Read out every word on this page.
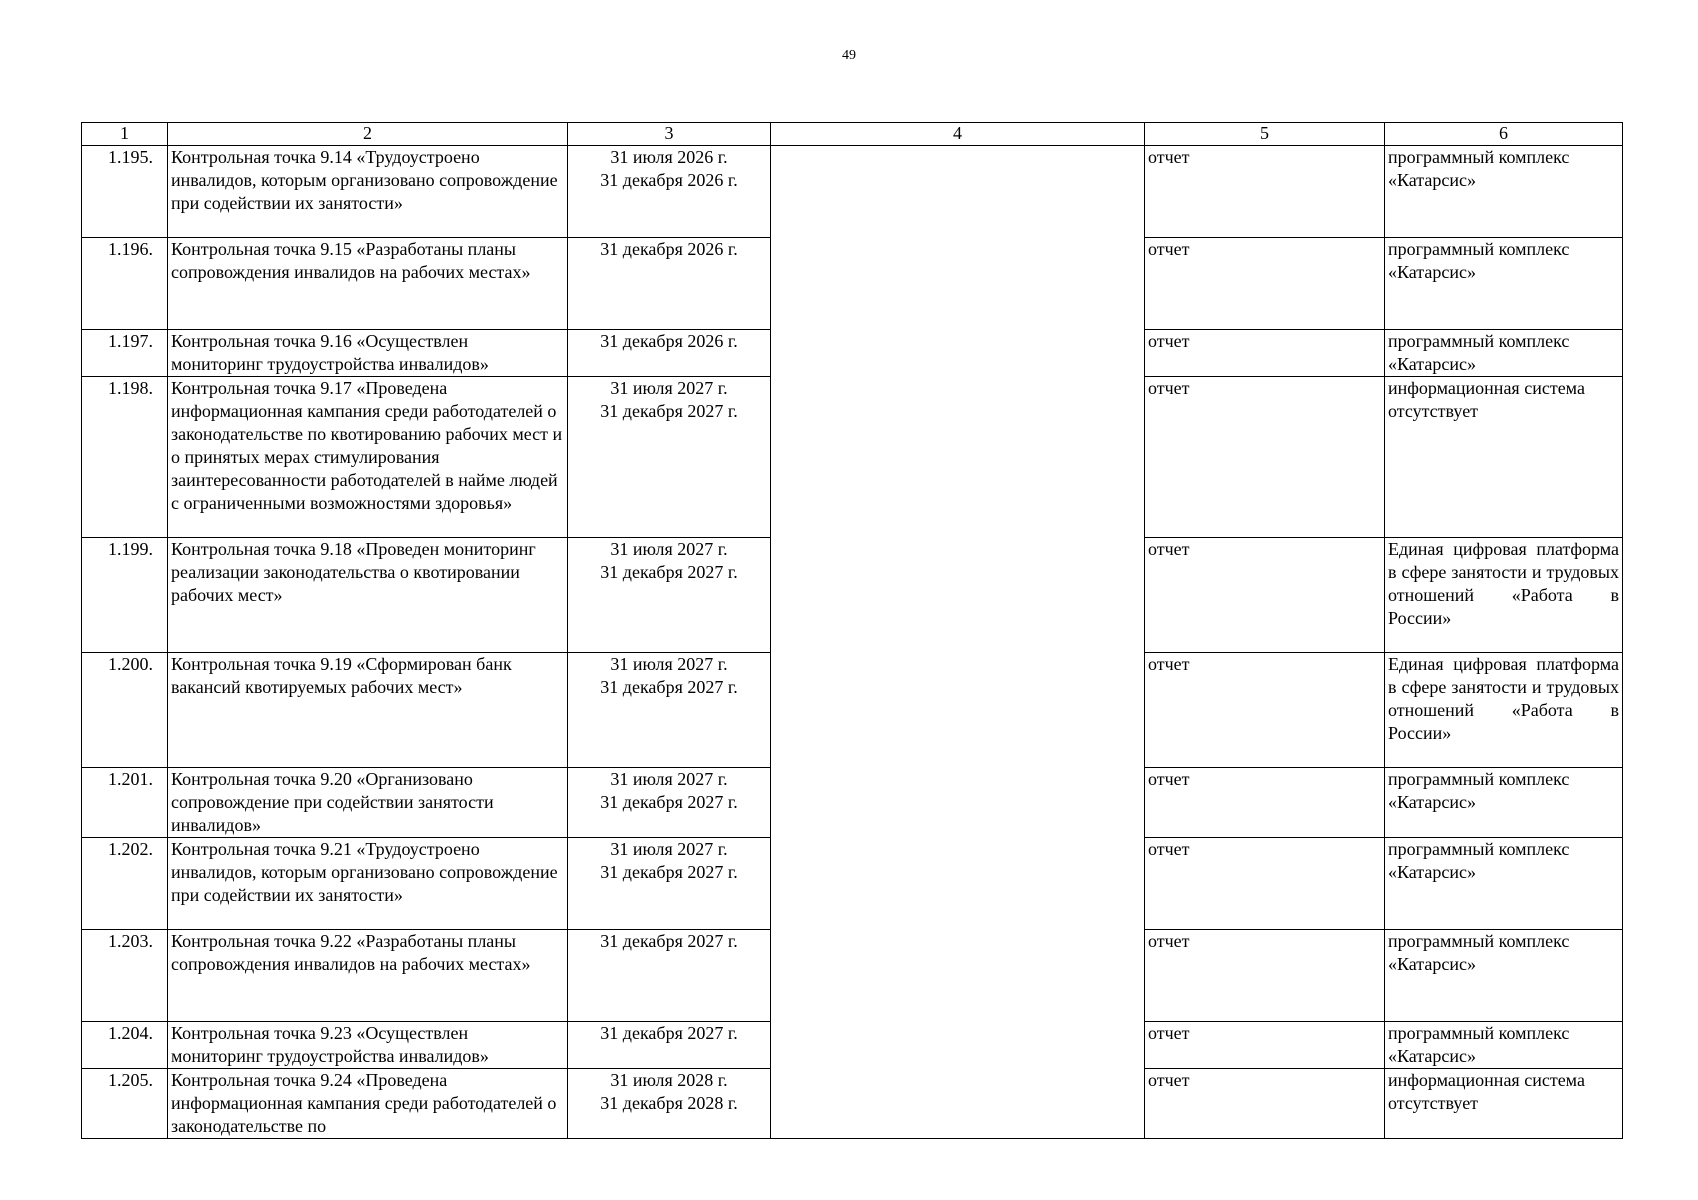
49
1	2	3	4	5	6
1.195.	Контрольная точка 9.14 «Трудоустроено инвалидов, которым организовано сопровождение при содействии их занятости»	31 июля 2026 г.
31 декабря 2026 г.		отчет	программный комплекс «Катарсис»
1.196.	Контрольная точка 9.15 «Разработаны планы сопровождения инвалидов на рабочих местах»	31 декабря 2026 г.		отчет	программный комплекс «Катарсис»
1.197.	Контрольная точка 9.16 «Осуществлен мониторинг трудоустройства инвалидов»	31 декабря 2026 г.		отчет	программный комплекс «Катарсис»
1.198.	Контрольная точка 9.17 «Проведена информационная кампания среди работодателей о законодательстве по квотированию рабочих мест и о принятых мерах стимулирования заинтересованности работодателей в найме людей с ограниченными возможностями здоровья»	31 июля 2027 г.
31 декабря 2027 г.		отчет	информационная система отсутствует
1.199.	Контрольная точка 9.18 «Проведен мониторинг реализации законодательства о квотировании рабочих мест»	31 июля 2027 г.
31 декабря 2027 г.		отчет	Единая цифровая платформа в сфере занятости и трудовых отношений «Работа в России»
1.200.	Контрольная точка 9.19 «Сформирован банк вакансий квотируемых рабочих мест»	31 июля 2027 г.
31 декабря 2027 г.		отчет	Единая цифровая платформа в сфере занятости и трудовых отношений «Работа в России»
1.201.	Контрольная точка 9.20 «Организовано сопровождение при содействии занятости инвалидов»	31 июля 2027 г.
31 декабря 2027 г.		отчет	программный комплекс «Катарсис»
1.202.	Контрольная точка 9.21 «Трудоустроено инвалидов, которым организовано сопровождение при содействии их занятости»	31 июля 2027 г.
31 декабря 2027 г.		отчет	программный комплекс «Катарсис»
1.203.	Контрольная точка 9.22 «Разработаны планы сопровождения инвалидов на рабочих местах»	31 декабря 2027 г.		отчет	программный комплекс «Катарсис»
1.204.	Контрольная точка 9.23 «Осуществлен мониторинг трудоустройства инвалидов»	31 декабря 2027 г.		отчет	программный комплекс «Катарсис»
1.205.	Контрольная точка 9.24 «Проведена информационная кампания среди работодателей о законодательстве по	31 июля 2028 г.
31 декабря 2028 г.		отчет	информационная система отсутствует
